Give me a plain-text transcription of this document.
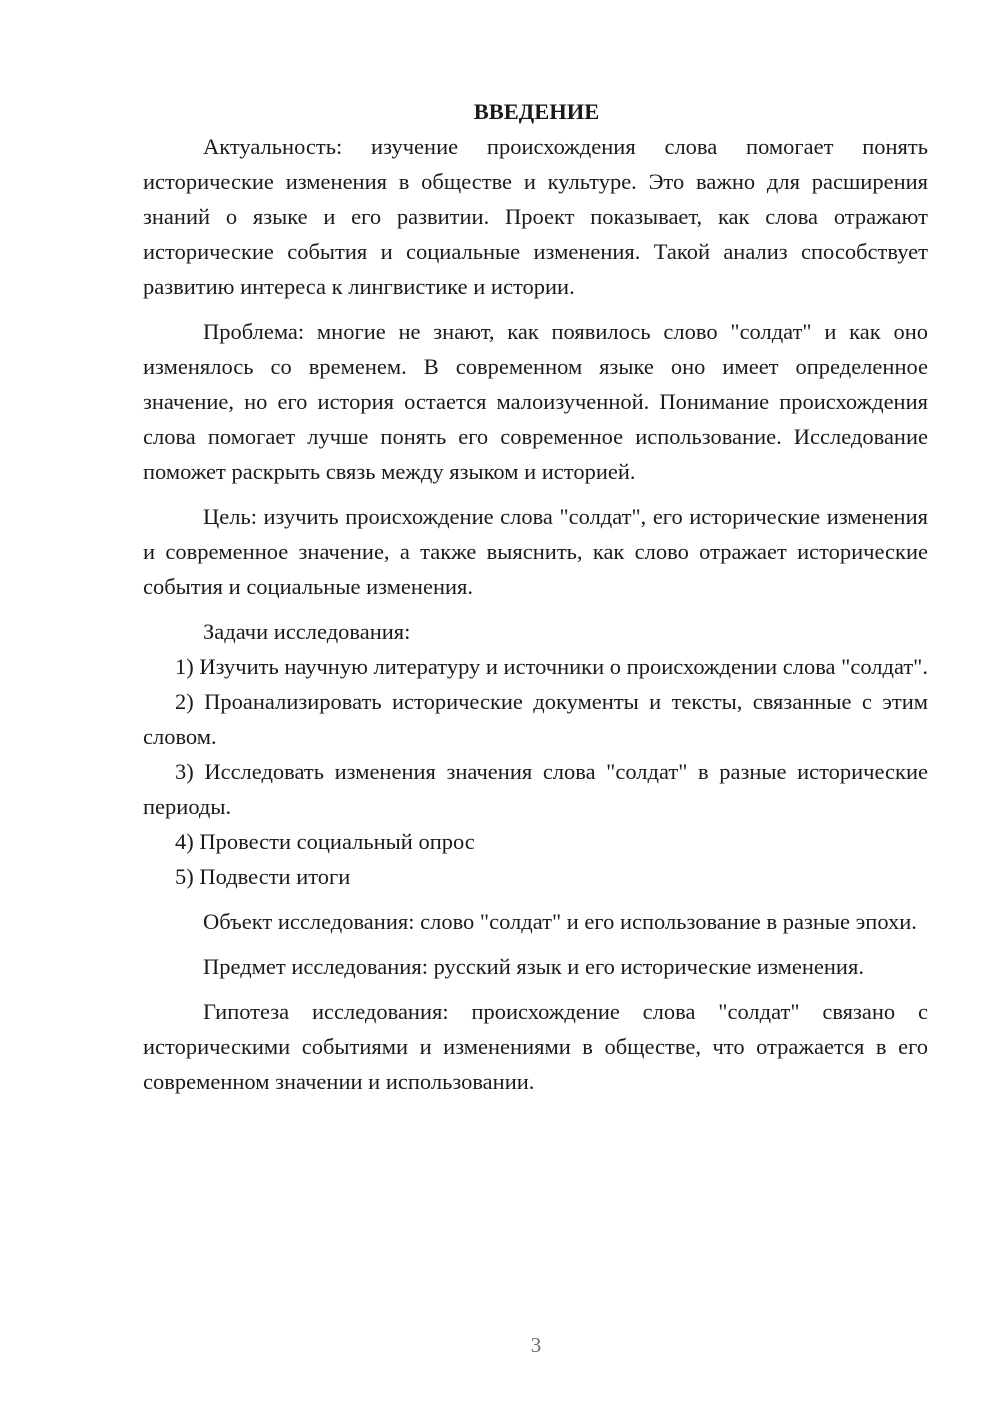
ВВЕДЕНИЕ

Актуальность: изучение происхождения слова помогает понять исторические изменения в обществе и культуре. Это важно для расширения знаний о языке и его развитии. Проект показывает, как слова отражают исторические события и социальные изменения. Такой анализ способствует развитию интереса к лингвистике и истории.

Проблема: многие не знают, как появилось слово "солдат" и как оно изменялось со временем. В современном языке оно имеет определенное значение, но его история остается малоизученной. Понимание происхождения слова помогает лучше понять его современное использование. Исследование поможет раскрыть связь между языком и историей.

Цель: изучить происхождение слова "солдат", его исторические изменения и современное значение, а также выяснить, как слово отражает исторические события и социальные изменения.

Задачи исследования:

1) Изучить научную литературу и источники о происхождении слова "солдат".

2) Проанализировать исторические документы и тексты, связанные с этим словом.

3) Исследовать изменения значения слова "солдат" в разные исторические периоды.

4) Провести социальный опрос

5) Подвести итоги

Объект исследования: слово "солдат" и его использование в разные эпохи.

Предмет исследования: русский язык и его исторические изменения.

Гипотеза исследования: происхождение слова "солдат" связано с историческими событиями и изменениями в обществе, что отражается в его современном значении и использовании.

3
